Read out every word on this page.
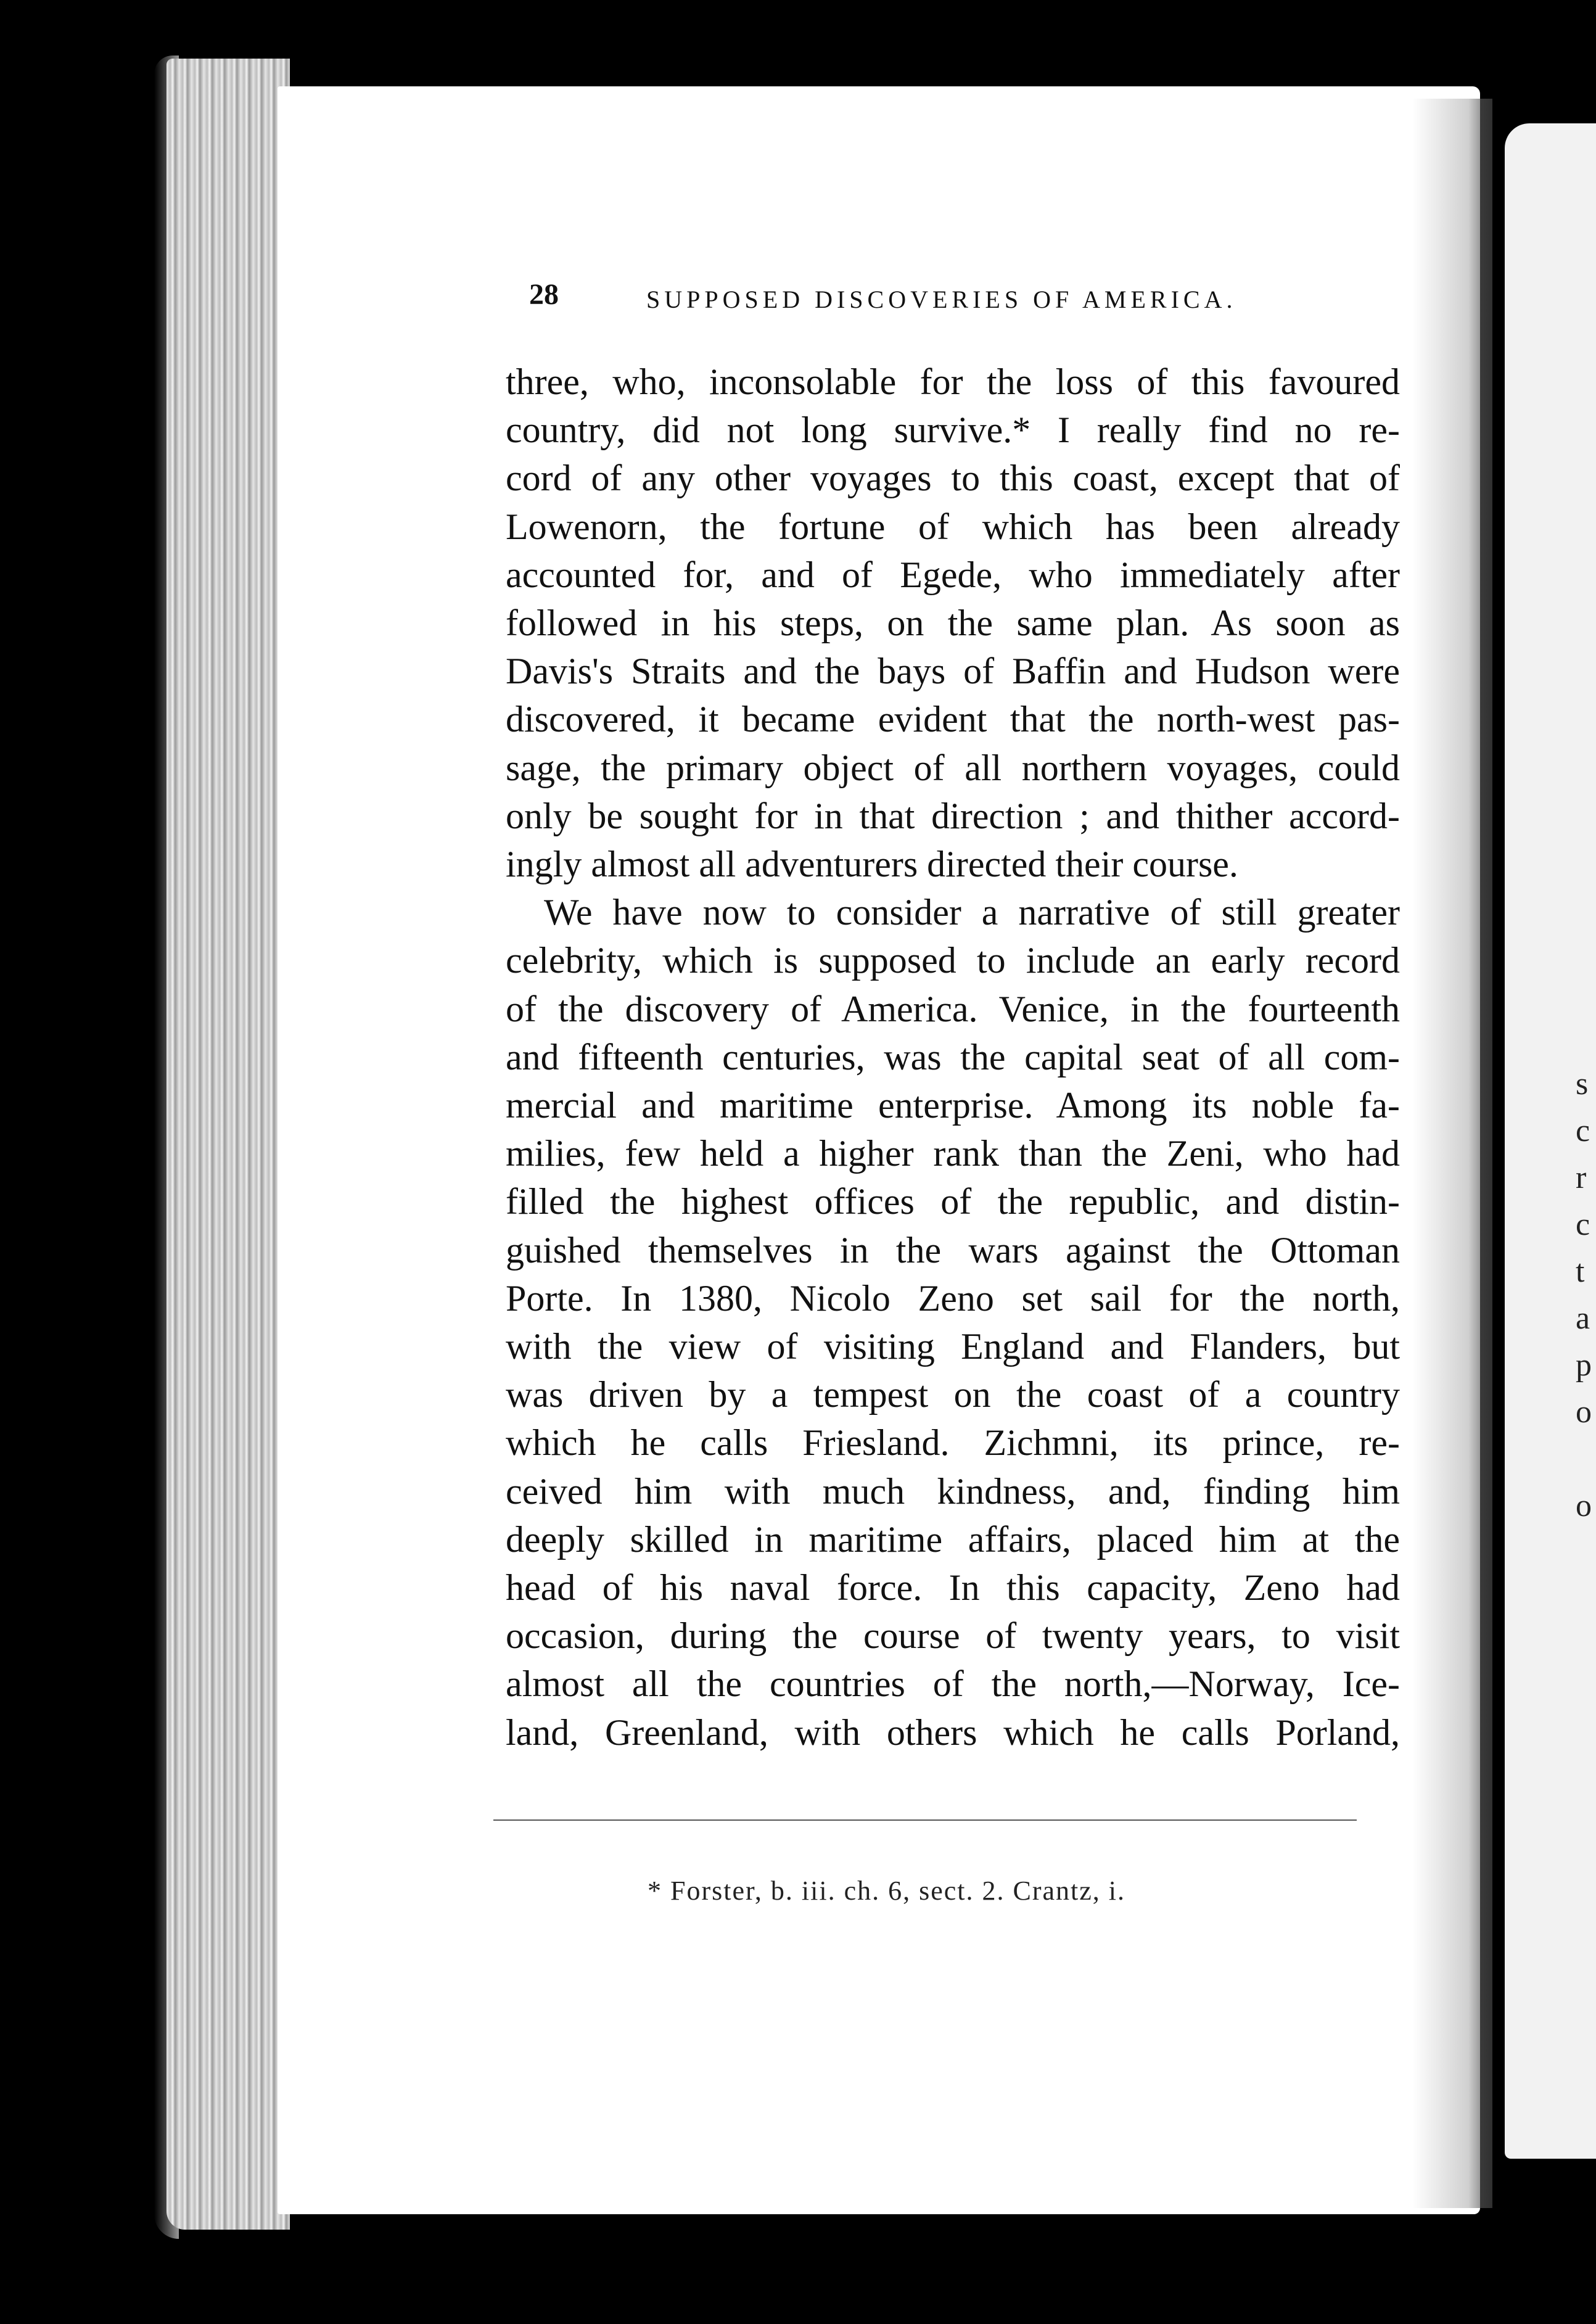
s
c
r
c
t
a
p
o

o
28	SUPPOSED DISCOVERIES OF AMERICA.
three, who, inconsolable for the loss of this favoured
country, did not long survive.* I really find no re-
cord of any other voyages to this coast, except that of
Lowenorn, the fortune of which has been already
accounted for, and of Egede, who immediately after
followed in his steps, on the same plan. As soon as
Davis's Straits and the bays of Baffin and Hudson were
discovered, it became evident that the north-west pas-
sage, the primary object of all northern voyages, could
only be sought for in that direction ; and thither accord-
ingly almost all adventurers directed their course.
We have now to consider a narrative of still greater
celebrity, which is supposed to include an early record
of the discovery of America. Venice, in the fourteenth
and fifteenth centuries, was the capital seat of all com-
mercial and maritime enterprise. Among its noble fa-
milies, few held a higher rank than the Zeni, who had
filled the highest offices of the republic, and distin-
guished themselves in the wars against the Ottoman
Porte. In 1380, Nicolo Zeno set sail for the north,
with the view of visiting England and Flanders, but
was driven by a tempest on the coast of a country
which he calls Friesland. Zichmni, its prince, re-
ceived him with much kindness, and, finding him
deeply skilled in maritime affairs, placed him at the
head of his naval force. In this capacity, Zeno had
occasion, during the course of twenty years, to visit
almost all the countries of the north,—Norway, Ice-
land, Greenland, with others which he calls Porland,
* Forster, b. iii. ch. 6, sect. 2. Crantz, i.
